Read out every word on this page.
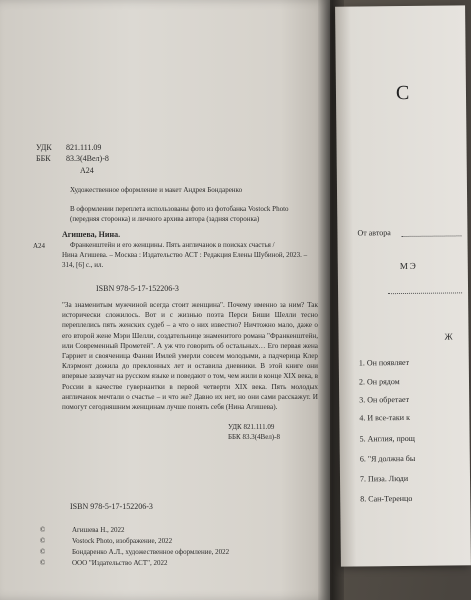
УДК 821.111.09
ББК 83.3(4Вел)-8
А24
Художественное оформление и макет Андрея Бондаренко
В оформлении переплета использованы фото из фотобанка Vostock Photo
(передняя сторонка) и личного архива автора (задняя сторонка)
Агишева, Нина.
А24	Франкенштейн и его женщины. Пять англичанок в поисках счастья /
Нина Агишева. – Москва : Издательство АСТ : Редакция Елены Шубиной, 2023. –
314, [6] с., ил.
ISBN 978-5-17-152206-3
"За знаменитым мужчиной всегда стоит женщина". Почему именно за ним? Так исторически сложилось. Вот и с жизнью поэта Перси Биши Шелли тесно переплелись пять женских судеб – а что о них известно? Ничтожно мало, даже о его второй жене Мэри Шелли, создательнице знаменитого романа "Франкенштейн, или Современный Прометей". А уж что говорить об остальных… Его первая жена Гарриет и свояченица Фанни Имлей умерли совсем молодыми, а падчерица Клер Клэрмонт дожила до преклонных лет и оставила дневники. В этой книге они впервые зазвучат на русском языке и поведают о том, чем жили в конце XIX века, в России в качестве гувернантки в первой четверти XIX века. Пять молодых англичанок мечтали о счастье – и что же? Давно их нет, но они сами расскажут. И помогут сегодняшним женщинам лучше понять себя (Нина Агишева).
УДК 821.111.09
ББК 83.3(4Вел)-8
ISBN 978-5-17-152206-3
©	Агишева Н., 2022
©	Vostock Photo, изображение, 2022
©	Бондаренко А.Л., художественное оформление, 2022
©	ООО "Издательство АСТ", 2022
С
От автора
МЭ
Ж
1. Он появляет
2. Он рядом
3. Он обретает
4. И все-таки к
5. Англия, прощ
6. "Я должна бы
7. Пиза. Люди
8. Сан-Теренцо
